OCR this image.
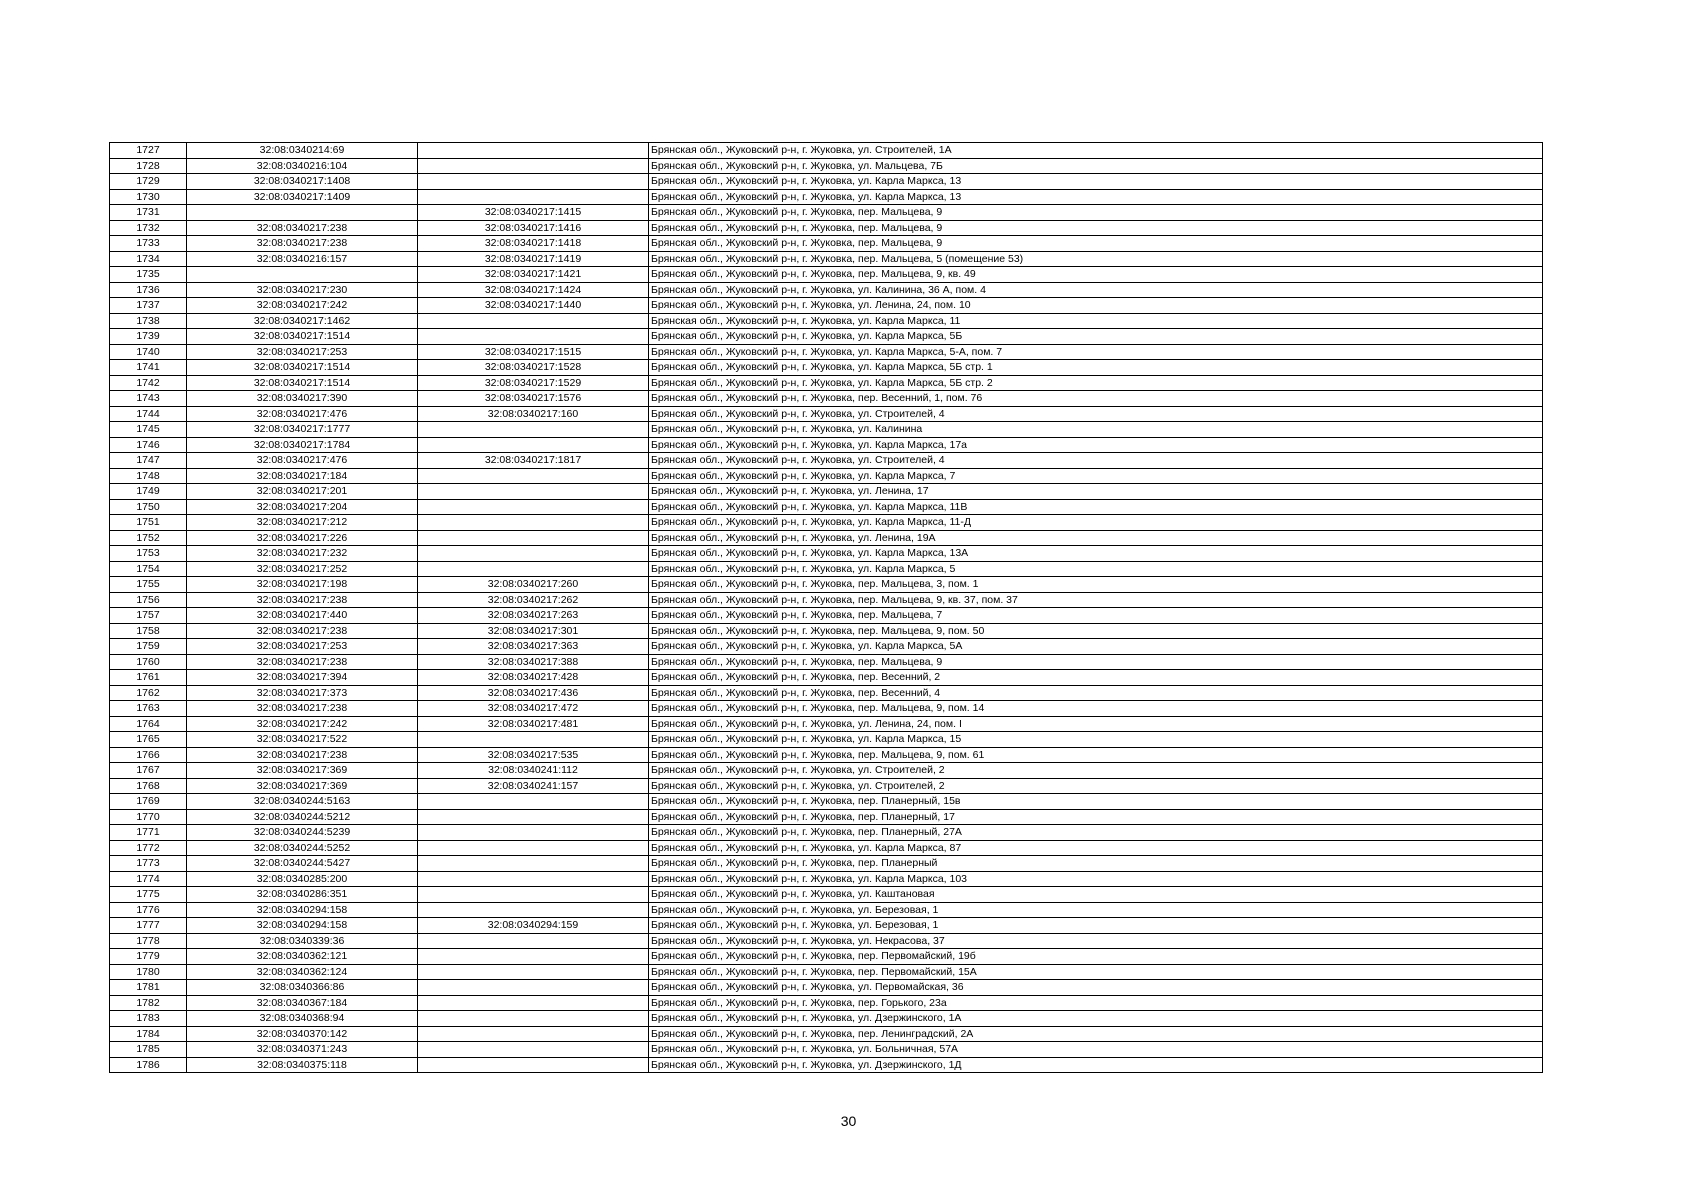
1727	32:08:0340214:69		Брянская обл., Жуковский р-н, г. Жуковка, ул. Строителей, 1А
1728	32:08:0340216:104		Брянская обл., Жуковский р-н, г. Жуковка, ул. Мальцева, 7Б
1729	32:08:0340217:1408		Брянская обл., Жуковский р-н, г. Жуковка, ул. Карла Маркса, 13
1730	32:08:0340217:1409		Брянская обл., Жуковский р-н, г. Жуковка, ул. Карла Маркса, 13
1731		32:08:0340217:1415	Брянская обл., Жуковский р-н, г. Жуковка, пер. Мальцева, 9
1732	32:08:0340217:238	32:08:0340217:1416	Брянская обл., Жуковский р-н, г. Жуковка, пер. Мальцева, 9
1733	32:08:0340217:238	32:08:0340217:1418	Брянская обл., Жуковский р-н, г. Жуковка, пер. Мальцева, 9
1734	32:08:0340216:157	32:08:0340217:1419	Брянская обл., Жуковский р-н, г. Жуковка, пер. Мальцева, 5 (помещение 53)
1735		32:08:0340217:1421	Брянская обл., Жуковский р-н, г. Жуковка, пер. Мальцева, 9, кв. 49
1736	32:08:0340217:230	32:08:0340217:1424	Брянская обл., Жуковский р-н, г. Жуковка, ул. Калинина, 36 А, пом. 4
1737	32:08:0340217:242	32:08:0340217:1440	Брянская обл., Жуковский р-н, г. Жуковка, ул. Ленина, 24, пом. 10
1738	32:08:0340217:1462		Брянская обл., Жуковский р-н, г. Жуковка, ул. Карла Маркса, 11
1739	32:08:0340217:1514		Брянская обл., Жуковский р-н, г. Жуковка, ул. Карла Маркса, 5Б
1740	32:08:0340217:253	32:08:0340217:1515	Брянская обл., Жуковский р-н, г. Жуковка, ул. Карла Маркса, 5-А, пом. 7
1741	32:08:0340217:1514	32:08:0340217:1528	Брянская обл., Жуковский р-н, г. Жуковка, ул. Карла Маркса, 5Б стр. 1
1742	32:08:0340217:1514	32:08:0340217:1529	Брянская обл., Жуковский р-н, г. Жуковка, ул. Карла Маркса, 5Б стр. 2
1743	32:08:0340217:390	32:08:0340217:1576	Брянская обл., Жуковский р-н, г. Жуковка, пер. Весенний, 1, пом. 76
1744	32:08:0340217:476	32:08:0340217:160	Брянская обл., Жуковский р-н, г. Жуковка, ул. Строителей, 4
1745	32:08:0340217:1777		Брянская обл., Жуковский р-н, г. Жуковка, ул. Калинина
1746	32:08:0340217:1784		Брянская обл., Жуковский р-н, г. Жуковка, ул. Карла Маркса, 17а
1747	32:08:0340217:476	32:08:0340217:1817	Брянская обл., Жуковский р-н, г. Жуковка, ул. Строителей, 4
1748	32:08:0340217:184		Брянская обл., Жуковский р-н, г. Жуковка, ул. Карла Маркса, 7
1749	32:08:0340217:201		Брянская обл., Жуковский р-н, г. Жуковка, ул. Ленина, 17
1750	32:08:0340217:204		Брянская обл., Жуковский р-н, г. Жуковка, ул. Карла Маркса, 11В
1751	32:08:0340217:212		Брянская обл., Жуковский р-н, г. Жуковка, ул. Карла Маркса, 11-Д
1752	32:08:0340217:226		Брянская обл., Жуковский р-н, г. Жуковка, ул. Ленина, 19А
1753	32:08:0340217:232		Брянская обл., Жуковский р-н, г. Жуковка, ул. Карла Маркса, 13А
1754	32:08:0340217:252		Брянская обл., Жуковский р-н, г. Жуковка, ул. Карла Маркса, 5
1755	32:08:0340217:198	32:08:0340217:260	Брянская обл., Жуковский р-н, г. Жуковка, пер. Мальцева, 3, пом. 1
1756	32:08:0340217:238	32:08:0340217:262	Брянская обл., Жуковский р-н, г. Жуковка, пер. Мальцева, 9, кв. 37, пом. 37
1757	32:08:0340217:440	32:08:0340217:263	Брянская обл., Жуковский р-н, г. Жуковка, пер. Мальцева, 7
1758	32:08:0340217:238	32:08:0340217:301	Брянская обл., Жуковский р-н, г. Жуковка, пер. Мальцева, 9, пом. 50
1759	32:08:0340217:253	32:08:0340217:363	Брянская обл., Жуковский р-н, г. Жуковка, ул. Карла Маркса, 5А
1760	32:08:0340217:238	32:08:0340217:388	Брянская обл., Жуковский р-н, г. Жуковка, пер. Мальцева, 9
1761	32:08:0340217:394	32:08:0340217:428	Брянская обл., Жуковский р-н, г. Жуковка, пер. Весенний, 2
1762	32:08:0340217:373	32:08:0340217:436	Брянская обл., Жуковский р-н, г. Жуковка, пер. Весенний, 4
1763	32:08:0340217:238	32:08:0340217:472	Брянская обл., Жуковский р-н, г. Жуковка, пер. Мальцева, 9, пом. 14
1764	32:08:0340217:242	32:08:0340217:481	Брянская обл., Жуковский р-н, г. Жуковка, ул. Ленина, 24, пом. I
1765	32:08:0340217:522		Брянская обл., Жуковский р-н, г. Жуковка, ул. Карла Маркса, 15
1766	32:08:0340217:238	32:08:0340217:535	Брянская обл., Жуковский р-н, г. Жуковка, пер. Мальцева, 9, пом. 61
1767	32:08:0340217:369	32:08:0340241:112	Брянская обл., Жуковский р-н, г. Жуковка, ул. Строителей, 2
1768	32:08:0340217:369	32:08:0340241:157	Брянская обл., Жуковский р-н, г. Жуковка, ул. Строителей, 2
1769	32:08:0340244:5163		Брянская обл., Жуковский р-н, г. Жуковка, пер. Планерный, 15в
1770	32:08:0340244:5212		Брянская обл., Жуковский р-н, г. Жуковка, пер. Планерный, 17
1771	32:08:0340244:5239		Брянская обл., Жуковский р-н, г. Жуковка, пер. Планерный, 27А
1772	32:08:0340244:5252		Брянская обл., Жуковский р-н, г. Жуковка, ул. Карла Маркса, 87
1773	32:08:0340244:5427		Брянская обл., Жуковский р-н, г. Жуковка, пер. Планерный
1774	32:08:0340285:200		Брянская обл., Жуковский р-н, г. Жуковка, ул. Карла Маркса, 103
1775	32:08:0340286:351		Брянская обл., Жуковский р-н, г. Жуковка, ул. Каштановая
1776	32:08:0340294:158		Брянская обл., Жуковский р-н, г. Жуковка, ул. Березовая, 1
1777	32:08:0340294:158	32:08:0340294:159	Брянская обл., Жуковский р-н, г. Жуковка, ул. Березовая, 1
1778	32:08:0340339:36		Брянская обл., Жуковский р-н, г. Жуковка, ул. Некрасова, 37
1779	32:08:0340362:121		Брянская обл., Жуковский р-н, г. Жуковка, пер. Первомайский, 19б
1780	32:08:0340362:124		Брянская обл., Жуковский р-н, г. Жуковка, пер. Первомайский, 15А
1781	32:08:0340366:86		Брянская обл., Жуковский р-н, г. Жуковка, ул. Первомайская, 36
1782	32:08:0340367:184		Брянская обл., Жуковский р-н, г. Жуковка, пер. Горького, 23а
1783	32:08:0340368:94		Брянская обл., Жуковский р-н, г. Жуковка, ул. Дзержинского, 1А
1784	32:08:0340370:142		Брянская обл., Жуковский р-н, г. Жуковка, пер. Ленинградский, 2А
1785	32:08:0340371:243		Брянская обл., Жуковский р-н, г. Жуковка, ул. Больничная, 57А
1786	32:08:0340375:118		Брянская обл., Жуковский р-н, г. Жуковка, ул. Дзержинского, 1Д
30
